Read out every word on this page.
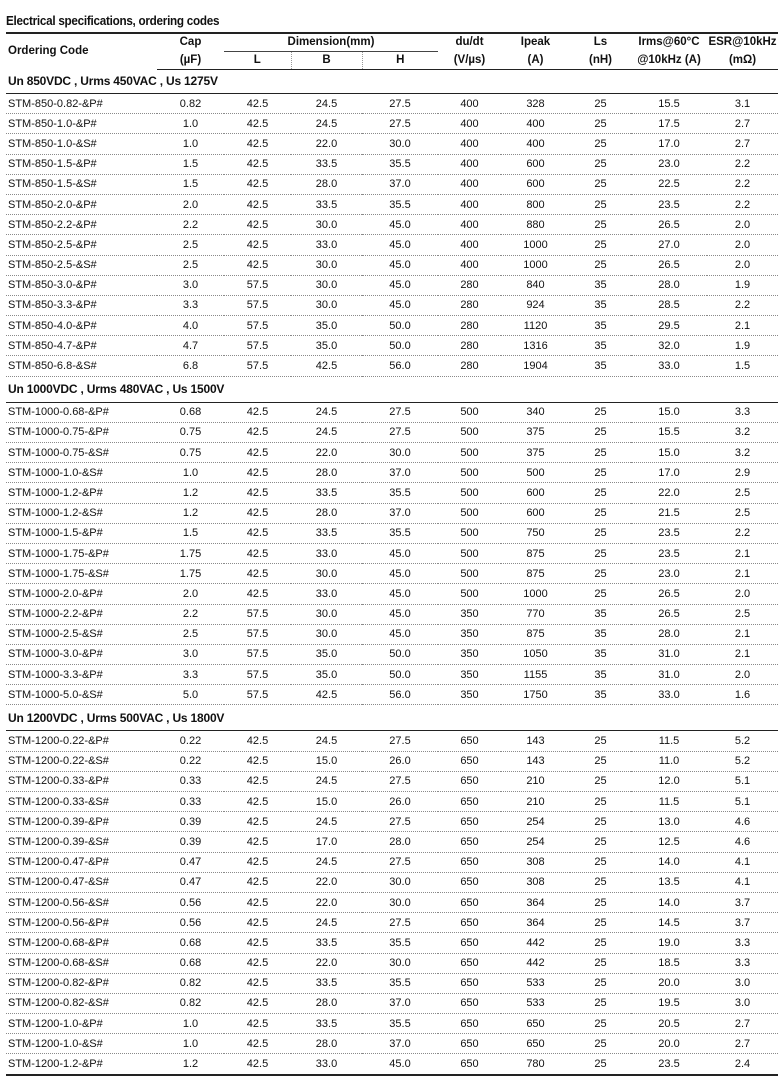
Electrical specifications, ordering codes
Ordering Code	Cap	Dimension(mm)			du/dt	Ipeak	Ls	Irms@60°C	ESR@10kHz
	(µF)	L	B	H	(V/µs)	(A)	(nH)	@10kHz (A)	(mΩ)
Un 850VDC , Urms 450VAC , Us 1275V									
STM-850-0.82-&P#	0.82	42.5	24.5	27.5	400	328	25	15.5	3.1
STM-850-1.0-&P#	1.0	42.5	24.5	27.5	400	400	25	17.5	2.7
STM-850-1.0-&S#	1.0	42.5	22.0	30.0	400	400	25	17.0	2.7
STM-850-1.5-&P#	1.5	42.5	33.5	35.5	400	600	25	23.0	2.2
STM-850-1.5-&S#	1.5	42.5	28.0	37.0	400	600	25	22.5	2.2
STM-850-2.0-&P#	2.0	42.5	33.5	35.5	400	800	25	23.5	2.2
STM-850-2.2-&P#	2.2	42.5	30.0	45.0	400	880	25	26.5	2.0
STM-850-2.5-&P#	2.5	42.5	33.0	45.0	400	1000	25	27.0	2.0
STM-850-2.5-&S#	2.5	42.5	30.0	45.0	400	1000	25	26.5	2.0
STM-850-3.0-&P#	3.0	57.5	30.0	45.0	280	840	35	28.0	1.9
STM-850-3.3-&P#	3.3	57.5	30.0	45.0	280	924	35	28.5	2.2
STM-850-4.0-&P#	4.0	57.5	35.0	50.0	280	1120	35	29.5	2.1
STM-850-4.7-&P#	4.7	57.5	35.0	50.0	280	1316	35	32.0	1.9
STM-850-6.8-&S#	6.8	57.5	42.5	56.0	280	1904	35	33.0	1.5
Un 1000VDC , Urms 480VAC , Us 1500V									
STM-1000-0.68-&P#	0.68	42.5	24.5	27.5	500	340	25	15.0	3.3
STM-1000-0.75-&P#	0.75	42.5	24.5	27.5	500	375	25	15.5	3.2
STM-1000-0.75-&S#	0.75	42.5	22.0	30.0	500	375	25	15.0	3.2
STM-1000-1.0-&S#	1.0	42.5	28.0	37.0	500	500	25	17.0	2.9
STM-1000-1.2-&P#	1.2	42.5	33.5	35.5	500	600	25	22.0	2.5
STM-1000-1.2-&S#	1.2	42.5	28.0	37.0	500	600	25	21.5	2.5
STM-1000-1.5-&P#	1.5	42.5	33.5	35.5	500	750	25	23.5	2.2
STM-1000-1.75-&P#	1.75	42.5	33.0	45.0	500	875	25	23.5	2.1
STM-1000-1.75-&S#	1.75	42.5	30.0	45.0	500	875	25	23.0	2.1
STM-1000-2.0-&P#	2.0	42.5	33.0	45.0	500	1000	25	26.5	2.0
STM-1000-2.2-&P#	2.2	57.5	30.0	45.0	350	770	35	26.5	2.5
STM-1000-2.5-&S#	2.5	57.5	30.0	45.0	350	875	35	28.0	2.1
STM-1000-3.0-&P#	3.0	57.5	35.0	50.0	350	1050	35	31.0	2.1
STM-1000-3.3-&P#	3.3	57.5	35.0	50.0	350	1155	35	31.0	2.0
STM-1000-5.0-&S#	5.0	57.5	42.5	56.0	350	1750	35	33.0	1.6
Un 1200VDC , Urms 500VAC , Us 1800V									
STM-1200-0.22-&P#	0.22	42.5	24.5	27.5	650	143	25	11.5	5.2
STM-1200-0.22-&S#	0.22	42.5	15.0	26.0	650	143	25	11.0	5.2
STM-1200-0.33-&P#	0.33	42.5	24.5	27.5	650	210	25	12.0	5.1
STM-1200-0.33-&S#	0.33	42.5	15.0	26.0	650	210	25	11.5	5.1
STM-1200-0.39-&P#	0.39	42.5	24.5	27.5	650	254	25	13.0	4.6
STM-1200-0.39-&S#	0.39	42.5	17.0	28.0	650	254	25	12.5	4.6
STM-1200-0.47-&P#	0.47	42.5	24.5	27.5	650	308	25	14.0	4.1
STM-1200-0.47-&S#	0.47	42.5	22.0	30.0	650	308	25	13.5	4.1
STM-1200-0.56-&S#	0.56	42.5	22.0	30.0	650	364	25	14.0	3.7
STM-1200-0.56-&P#	0.56	42.5	24.5	27.5	650	364	25	14.5	3.7
STM-1200-0.68-&P#	0.68	42.5	33.5	35.5	650	442	25	19.0	3.3
STM-1200-0.68-&S#	0.68	42.5	22.0	30.0	650	442	25	18.5	3.3
STM-1200-0.82-&P#	0.82	42.5	33.5	35.5	650	533	25	20.0	3.0
STM-1200-0.82-&S#	0.82	42.5	28.0	37.0	650	533	25	19.5	3.0
STM-1200-1.0-&P#	1.0	42.5	33.5	35.5	650	650	25	20.5	2.7
STM-1200-1.0-&S#	1.0	42.5	28.0	37.0	650	650	25	20.0	2.7
STM-1200-1.2-&P#	1.2	42.5	33.0	45.0	650	780	25	23.5	2.4
